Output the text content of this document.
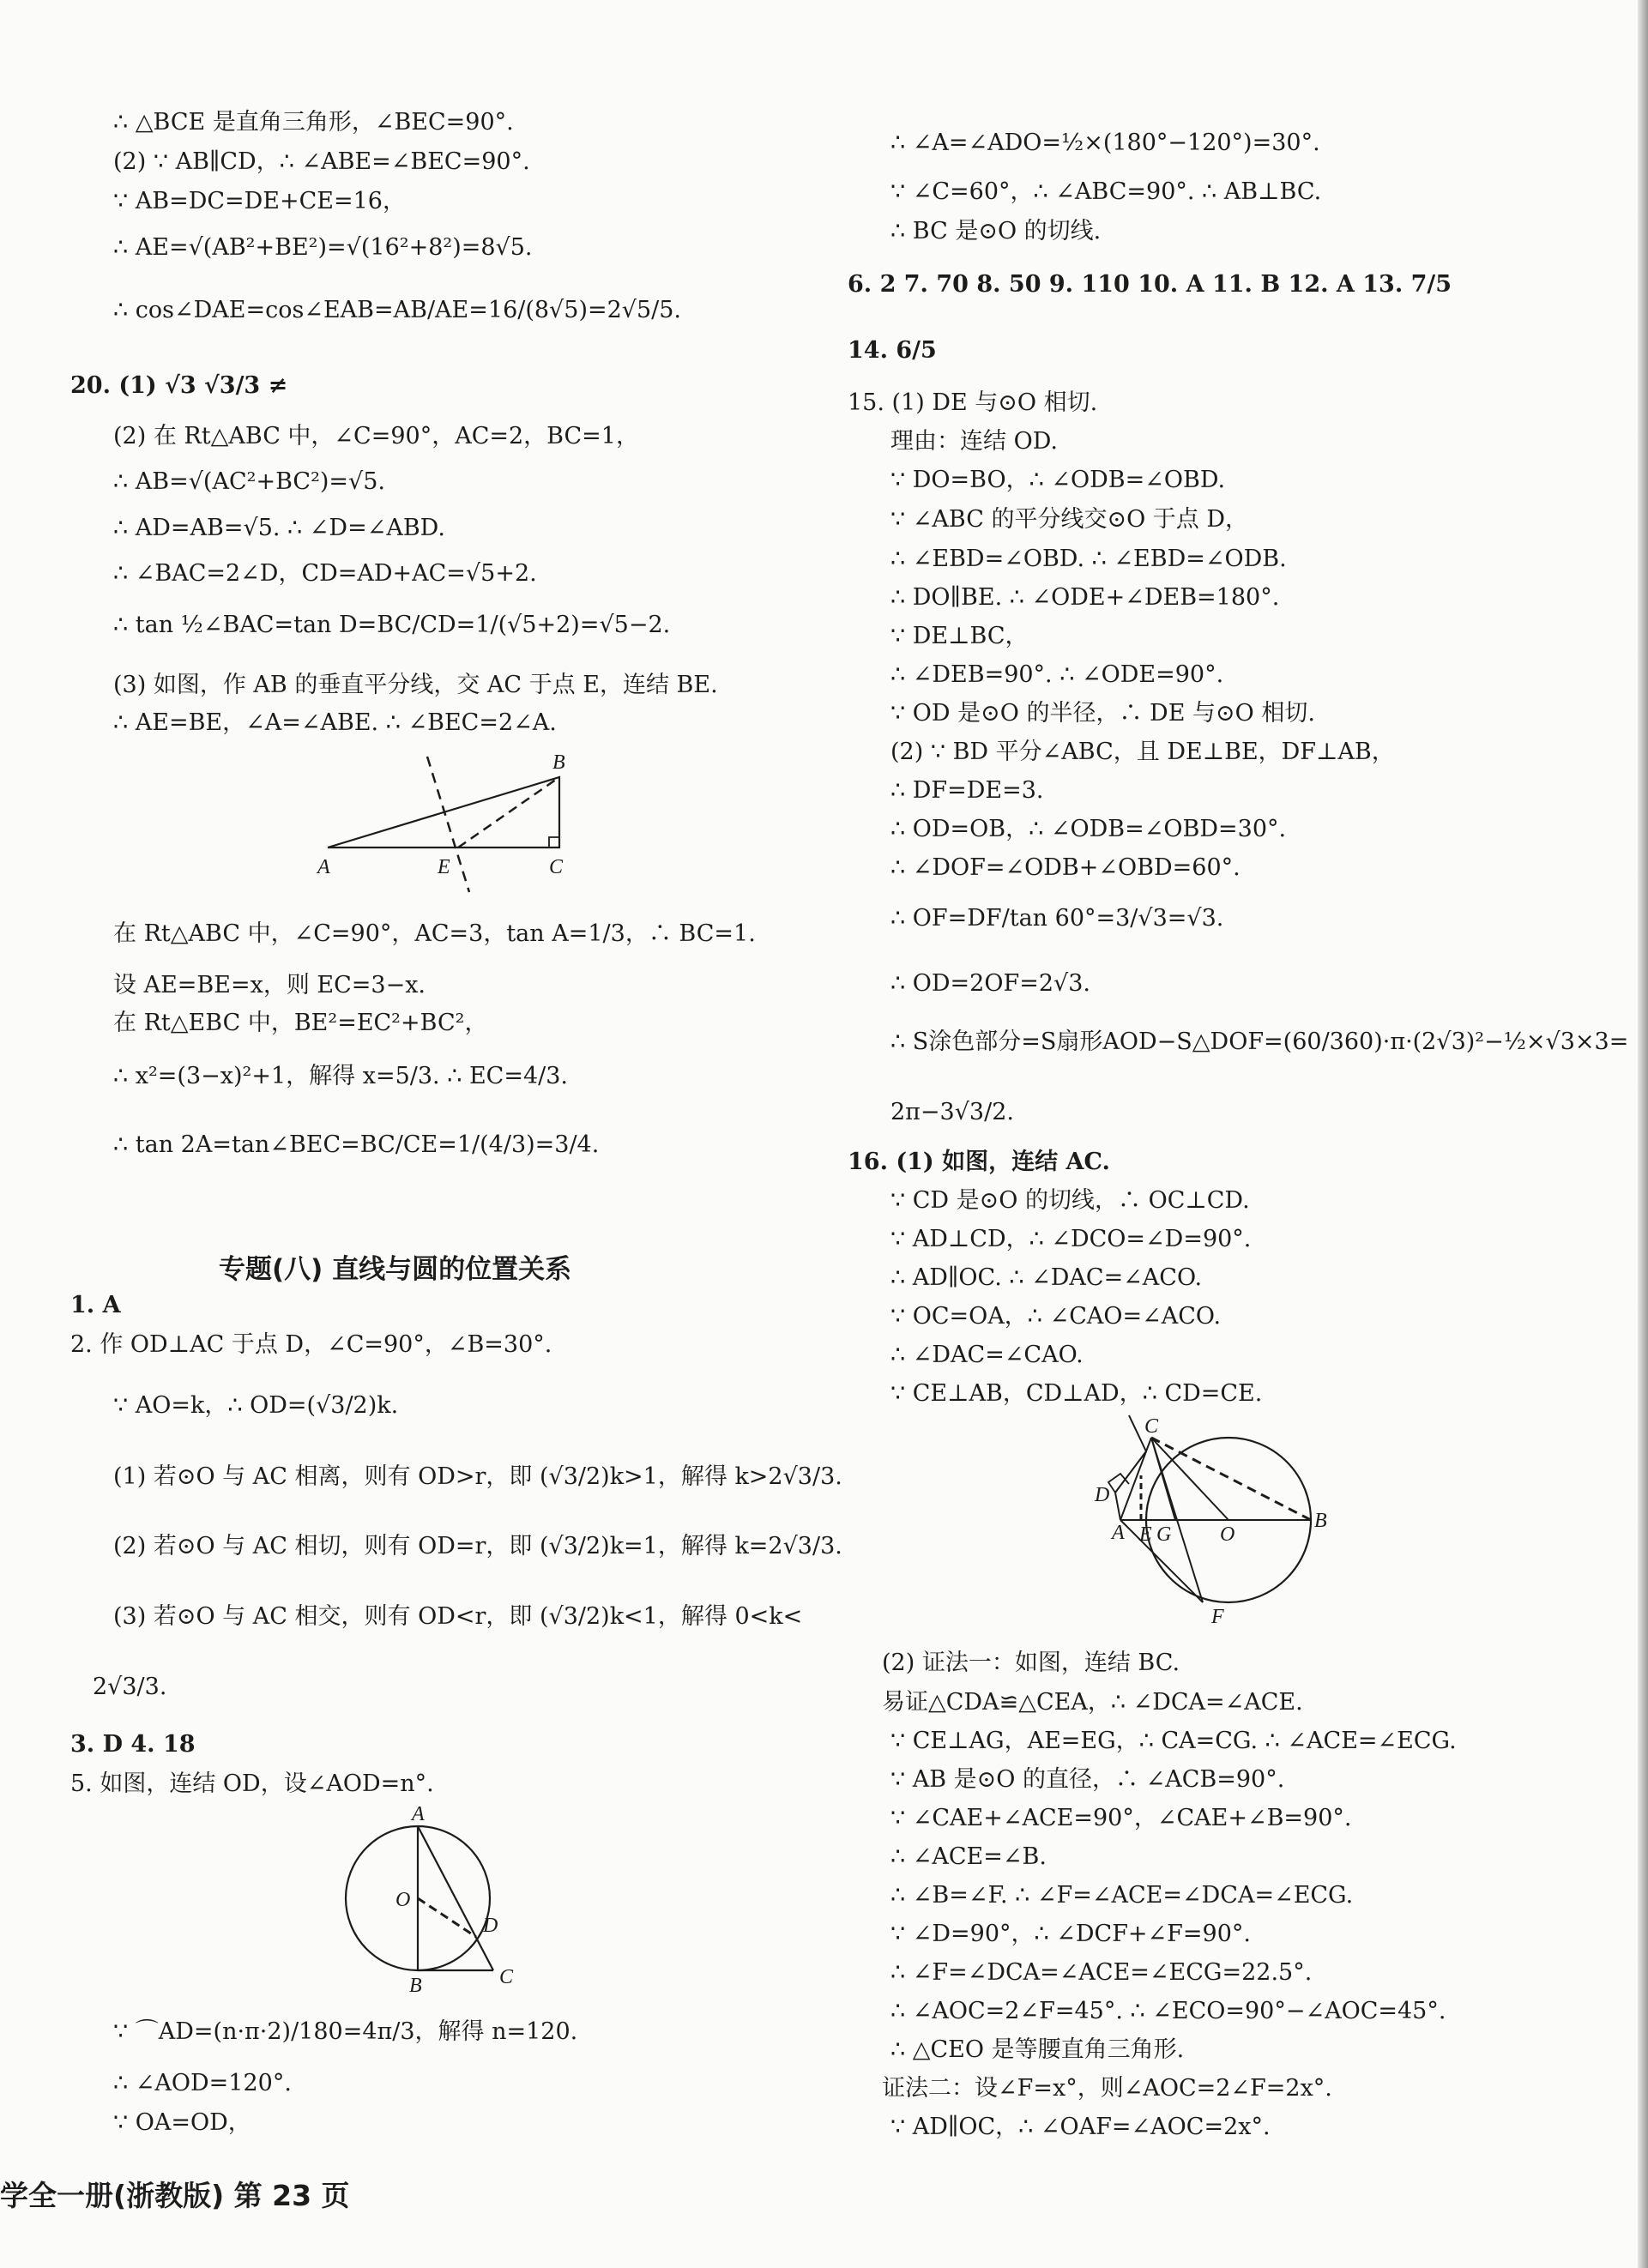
∴ △BCE 是直角三角形，∠BEC=90°.
(2) ∵ AB∥CD，∴ ∠ABE=∠BEC=90°.
∵ AB=DC=DE+CE=16，
∴ AE=√(AB²+BE²)=√(16²+8²)=8√5.
∴ cos∠DAE=cos∠EAB=AB/AE=16/(8√5)=2√5/5.
20. (1) √3 √3/3 ≠
(2) 在 Rt△ABC 中，∠C=90°，AC=2，BC=1，
∴ AB=√(AC²+BC²)=√5.
∴ AD=AB=√5. ∴ ∠D=∠ABD.
∴ ∠BAC=2∠D，CD=AD+AC=√5+2.
∴ tan ½∠BAC=tan D=BC/CD=1/(√5+2)=√5−2.
(3) 如图，作 AB 的垂直平分线，交 AC 于点 E，连结 BE.
∴ AE=BE，∠A=∠ABE. ∴ ∠BEC=2∠A.
A	E	C
B
在 Rt△ABC 中，∠C=90°，AC=3，tan A=1/3，∴ BC=1.
设 AE=BE=x，则 EC=3−x.
在 Rt△EBC 中，BE²=EC²+BC²，
∴ x²=(3−x)²+1，解得 x=5/3. ∴ EC=4/3.
∴ tan 2A=tan∠BEC=BC/CE=1/(4/3)=3/4.
专题(八) 直线与圆的位置关系
1. A
2. 作 OD⊥AC 于点 D，∠C=90°，∠B=30°.
∵ AO=k，∴ OD=(√3/2)k.
(1) 若⊙O 与 AC 相离，则有 OD>r，即 (√3/2)k>1，解得 k>2√3/3.
(2) 若⊙O 与 AC 相切，则有 OD=r，即 (√3/2)k=1，解得 k=2√3/3.
(3) 若⊙O 与 AC 相交，则有 OD<r，即 (√3/2)k<1，解得 0<k<
2√3/3.
3. D 4. 18
5. 如图，连结 OD，设∠AOD=n°.
A
O
D
B	C
∵ ⌒AD=(n·π·2)/180=4π/3，解得 n=120.
∴ ∠AOD=120°.
∵ OA=OD，
∴ ∠A=∠ADO=½×(180°−120°)=30°.
∵ ∠C=60°，∴ ∠ABC=90°. ∴ AB⊥BC.
∴ BC 是⊙O 的切线.
6. 2 7. 70 8. 50 9. 110 10. A 11. B 12. A 13. 7/5
14. 6/5
15. (1) DE 与⊙O 相切.
理由：连结 OD.
∵ DO=BO，∴ ∠ODB=∠OBD.
∵ ∠ABC 的平分线交⊙O 于点 D，
∴ ∠EBD=∠OBD. ∴ ∠EBD=∠ODB.
∴ DO∥BE. ∴ ∠ODE+∠DEB=180°.
∵ DE⊥BC，
∴ ∠DEB=90°. ∴ ∠ODE=90°.
∵ OD 是⊙O 的半径，∴ DE 与⊙O 相切.
(2) ∵ BD 平分∠ABC，且 DE⊥BE，DF⊥AB，
∴ DF=DE=3.
∴ OD=OB，∴ ∠ODB=∠OBD=30°.
∴ ∠DOF=∠ODB+∠OBD=60°.
∴ OF=DF/tan 60°=3/√3=√3.
∴ OD=2OF=2√3.
∴ S涂色部分=S扇形AOD−S△DOF=(60/360)·π·(2√3)²−½×√3×3=
2π−3√3/2.
16. (1) 如图，连结 AC.
∵ CD 是⊙O 的切线，∴ OC⊥CD.
∵ AD⊥CD，∴ ∠DCO=∠D=90°.
∴ AD∥OC. ∴ ∠DAC=∠ACO.
∵ OC=OA，∴ ∠CAO=∠ACO.
∴ ∠DAC=∠CAO.
∵ CE⊥AB，CD⊥AD，∴ CD=CE.
C
D
A E G O
B
F
(2) 证法一：如图，连结 BC.
易证△CDA≌△CEA，∴ ∠DCA=∠ACE.
∵ CE⊥AG，AE=EG，∴ CA=CG. ∴ ∠ACE=∠ECG.
∵ AB 是⊙O 的直径，∴ ∠ACB=90°.
∵ ∠CAE+∠ACE=90°，∠CAE+∠B=90°.
∴ ∠ACE=∠B.
∴ ∠B=∠F. ∴ ∠F=∠ACE=∠DCA=∠ECG.
∵ ∠D=90°，∴ ∠DCF+∠F=90°.
∴ ∠F=∠DCA=∠ACE=∠ECG=22.5°.
∴ ∠AOC=2∠F=45°. ∴ ∠ECO=90°−∠AOC=45°.
∴ △CEO 是等腰直角三角形.
证法二：设∠F=x°，则∠AOC=2∠F=2x°.
∵ AD∥OC，∴ ∠OAF=∠AOC=2x°.
学全一册(浙教版) 第 23 页
